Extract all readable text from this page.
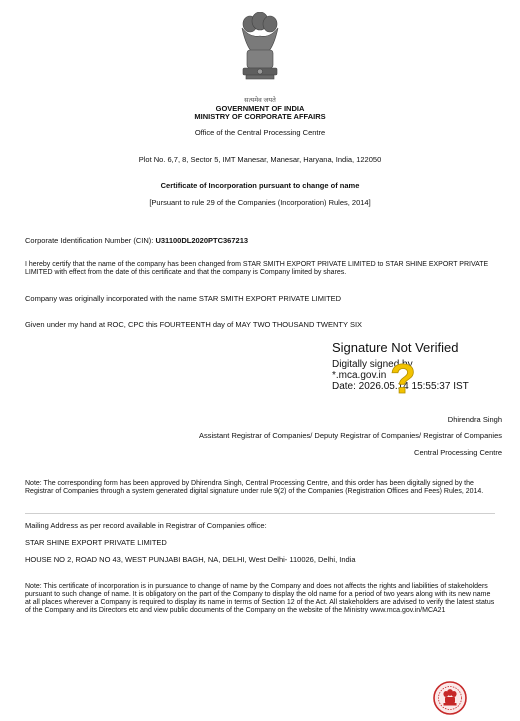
सत्यमेव जयते
GOVERNMENT OF INDIA
MINISTRY OF CORPORATE AFFAIRS
Office of the Central Processing Centre
Plot No. 6,7, 8, Sector 5, IMT Manesar, Manesar, Haryana, India, 122050
Certificate of Incorporation pursuant to change of name
[Pursuant to rule 29 of the Companies (Incorporation) Rules, 2014]
Corporate Identification Number (CIN): U31100DL2020PTC367213
I hereby certify that the name of the company has been changed from STAR SMITH EXPORT PRIVATE LIMITED to STAR SHINE EXPORT PRIVATE LIMITED with effect from the date of this certificate and that the company is Company limited by shares.
Company was originally incorporated with the name STAR SMITH EXPORT PRIVATE LIMITED
Given under my hand at ROC, CPC this FOURTEENTH day of MAY TWO THOUSAND TWENTY SIX
Signature Not Verified
Digitally signed by
*.mca.gov.in
Date: 2026.05.14 15:55:37 IST
?
Dhirendra Singh
Assistant Registrar of Companies/ Deputy Registrar of Companies/ Registrar of Companies
Central Processing Centre
Note: The corresponding form has been approved by Dhirendra Singh, Central Processing Centre, and this order has been digitally signed by the Registrar of Companies through a system generated digital signature under rule 9(2) of the Companies (Registration Offices and Fees) Rules, 2014.
Mailing Address as per record available in Registrar of Companies office:
STAR SHINE EXPORT PRIVATE LIMITED
HOUSE NO 2, ROAD NO 43, WEST PUNJABI BAGH, NA, DELHI, West Delhi- 110026, Delhi, India
Note: This certificate of incorporation is in pursuance to change of name by the Company and does not affects the rights and liabilities of stakeholders pursuant to such change of name. It is obligatory on the part of the Company to display the old name for a period of two years along with its new name at all places wherever a Company is required to display its name in terms of Section 12 of the Act. All stakeholders are advised to verify the latest status of the Company and its Directors etc and view public documents of the Company on the website of the Ministry www.mca.gov.in/MCA21
